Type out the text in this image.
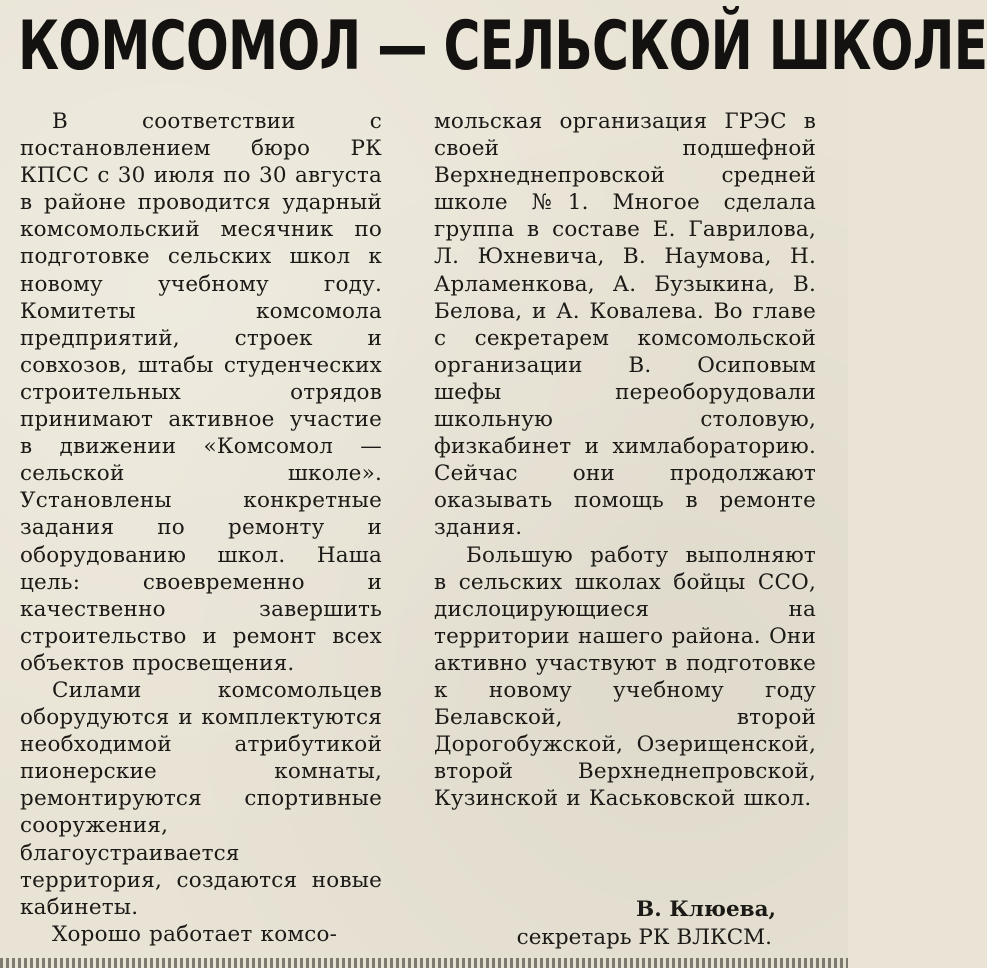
КОМСОМОЛ — СЕЛЬСКОЙ ШКОЛЕ

В соответствии с постановлением бюро РК КПСС с 30 июля по 30 августа в районе проводится ударный комсомольский месячник по подготовке сельских школ к новому учебному году. Комитеты комсомола предприятий, строек и совхозов, штабы студенческих строительных отрядов принимают активное участие в движении «Комсомол — сельской школе». Установлены конкретные задания по ремонту и оборудованию школ. Наша цель: своевременно и качественно завершить строительство и ремонт всех объектов просвещения.

Силами комсомольцев оборудуются и комплектуются необходимой атрибутикой пионерские комнаты, ремонтируются спортивные сооружения, благоустраивается территория, создаются новые кабинеты.

Хорошо работает комсо-

мольская организация ГРЭС в своей подшефной Верхнеднепровской средней школе №1. Многое сделала группа в составе Е. Гаврилова, Л. Юхневича, В. Наумова, Н. Арламенкова, А. Бузыкина, В. Белова, и А. Ковалева. Во главе с секретарем комсомольской организации В. Осиповым шефы переоборудовали школьную столовую, физкабинет и химлабораторию. Сейчас они продолжают оказывать помощь в ремонте здания.

Большую работу выполняют в сельских школах бойцы ССО, дислоцирующиеся на территории нашего района. Они активно участвуют в подготовке к новому учебному году Белавской, второй Дорогобужской, Озерищенской, второй Верхнеднепровской, Кузинской и Каськовской школ.

В. Клюева,
секретарь РК ВЛКСМ.
